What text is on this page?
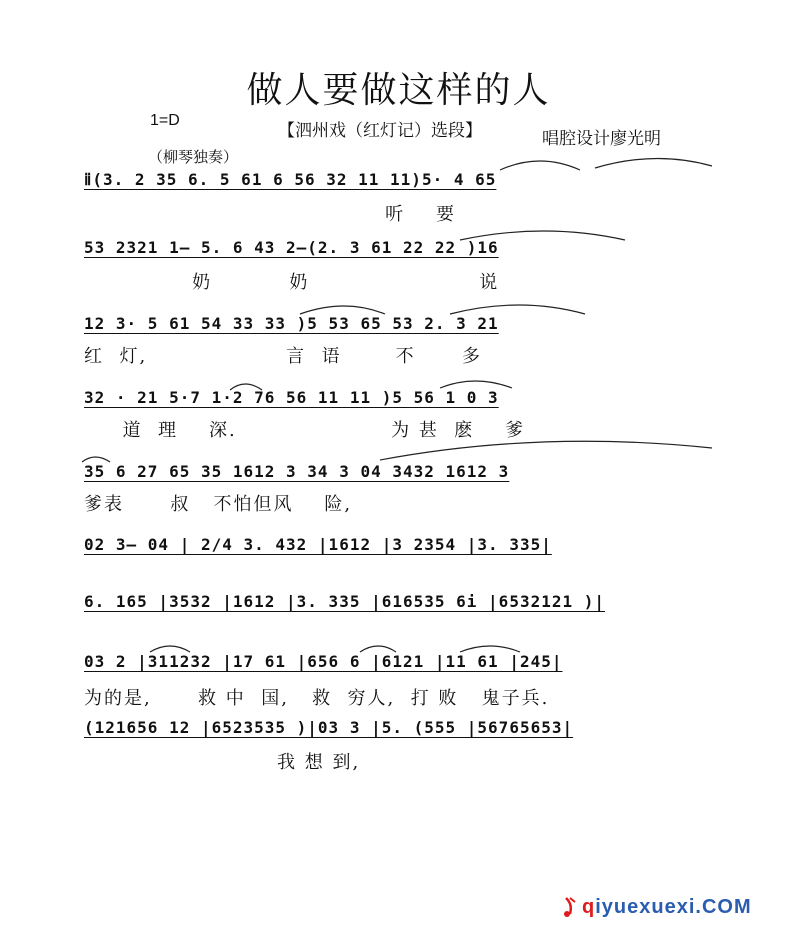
做人要做这样的人
1=D
【泗州戏（红灯记）选段】	唱腔设计廖光明
（柳琴独奏）
ⅱ(3. 2 35 6. 5 61 6 56 32 11 11)5· 4 65
听    要
53 2321 1— 5. 6 43 2—(2. 3 61 22 22 )16
奶          奶                      说
12 3· 5 61 54 33 33 )5 53 65 53 2. 3 21
红  灯,                  言  语       不      多
32 · 21 5·7 1·2 76 56 11 11 )5 56 1 0 3
道  理    深.                    为 甚  麽    爹
35 6 27 65 35 1612 3 34 3 04 3432 1612 3
爹表      叔   不怕但风    险,
02 3— 04 | 2/4 3. 432 |1612 |3 2354 |3. 335|
6. 165 |3532 |1612 |3. 335 |616535 6i |6532121 )|
03 2 |311232 |17 61 |656 6 |6121 |11 61 |245|
为的是,      救 中  国,   救  穷人,  打 败   鬼子兵.
(121656 12 |6523535 )|03 3 |5. (555 |56765653|
我 想 到,
qiyuexuexi.COM
